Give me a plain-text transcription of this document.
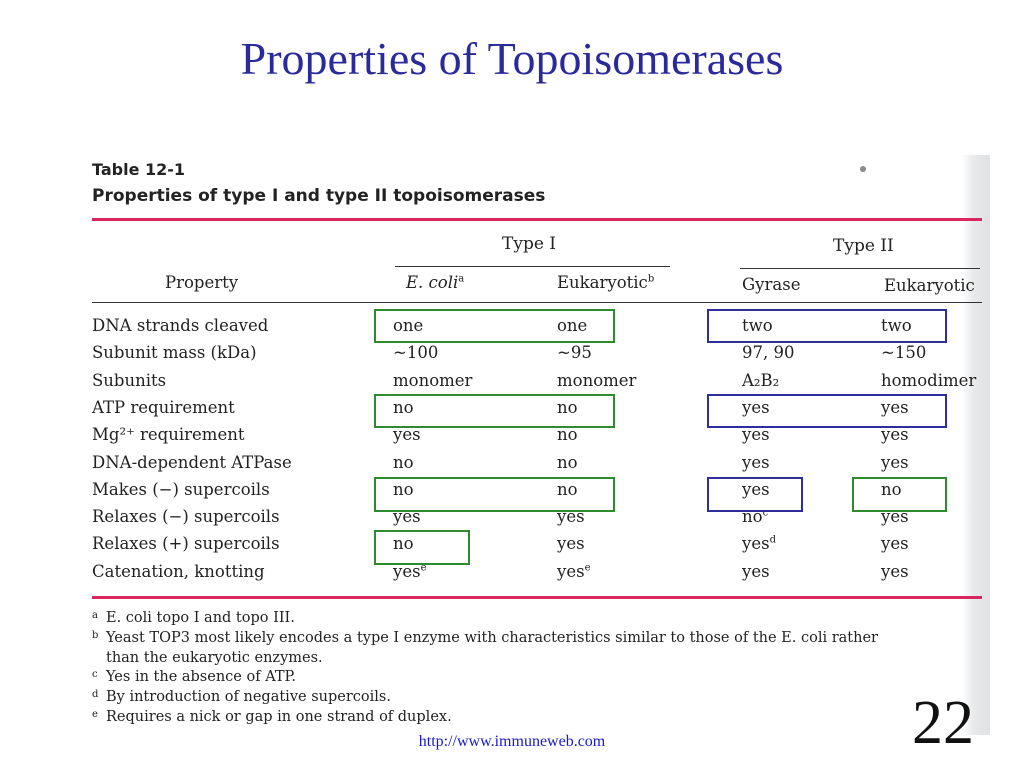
Properties of Topoisomerases
Table 12-1
Properties of type I and type II topoisomerases
Type I	Type II
Property	E. coli$^a$	Eukaryotic$^b$	Gyrase	Eukaryotic
DNA strands cleaved	one	one	two	two
Subunit mass (kDa)	~100	~95	97, 90	~150
Subunits	monomer	monomer	A₂B₂	homodimer
ATP requirement	no	no	yes	yes
Mg²⁺ requirement	yes	no	yes	yes
DNA-dependent ATPase	no	no	yes	yes
Makes (−) supercoils	no	no	yes	no
Relaxes (−) supercoils	yes	yes	$no^c$	yes
Relaxes (+) supercoils	no	yes	yes$^d$	yes
Catenation, knotting	yes$^e$	yes$^e$	yes	yes
a E. coli topo I and topo III.
b Yeast TOP3 most likely encodes a type I enzyme with characteristics similar to those of the E. coli rather
than the eukaryotic enzymes.
c Yes in the absence of ATP.
d By introduction of negative supercoils.
e Requires a nick or gap in one strand of duplex.	22
http://www.immuneweb.com
